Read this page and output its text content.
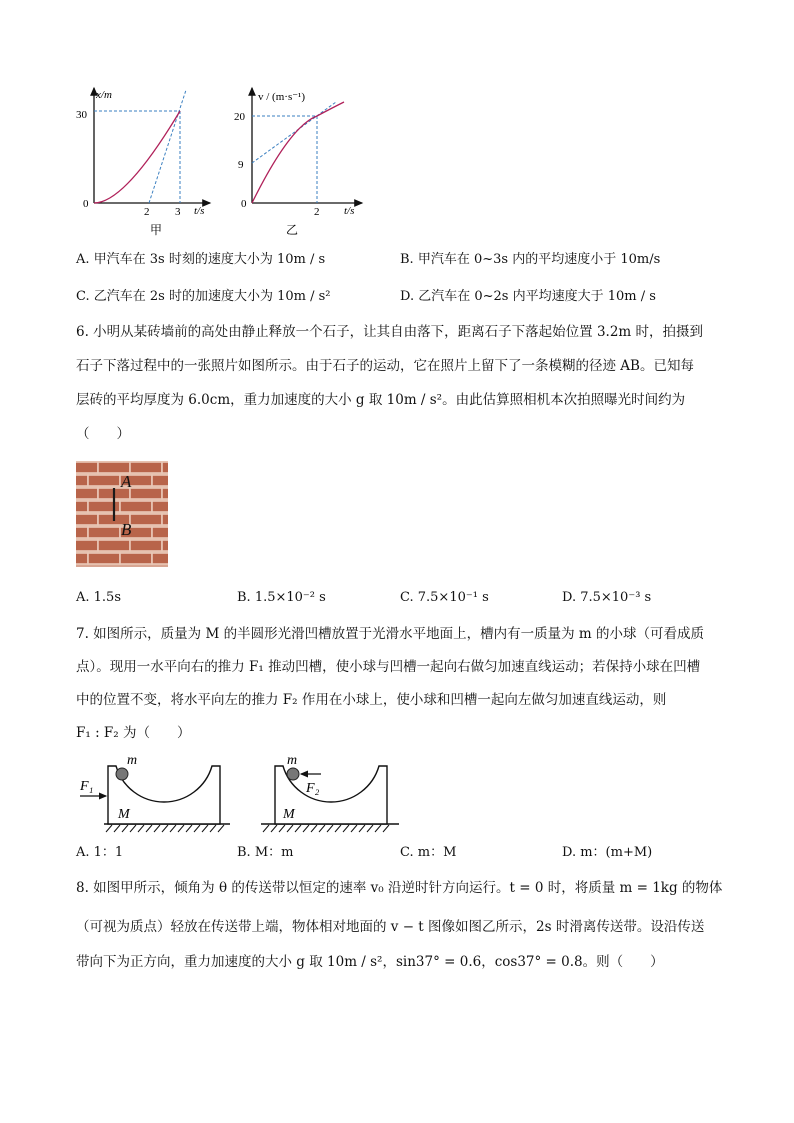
x/m
t/s
30
0
2 3
甲
v / (m·s⁻¹)
t/s
20
9
0
2
乙
A. 甲汽车在 3s 时刻的速度大小为 10m / s	B. 甲汽车在 0~3s 内的平均速度小于 10m/s
C. 乙汽车在 2s 时的加速度大小为 10m / s²	D. 乙汽车在 0~2s 内平均速度大于 10m / s
6. 小明从某砖墙前的高处由静止释放一个石子，让其自由落下，距离石子下落起始位置 3.2m 时，拍摄到
石子下落过程中的一张照片如图所示。由于石子的运动，它在照片上留下了一条模糊的径迹 AB。已知每
层砖的平均厚度为 6.0cm，重力加速度的大小 g 取 10m / s²。由此估算照相机本次拍照曝光时间约为
（　　）
A
B
A. 1.5s	B. 1.5×10⁻² s	C. 7.5×10⁻¹ s	D. 7.5×10⁻³ s
7. 如图所示，质量为 M 的半圆形光滑凹槽放置于光滑水平地面上，槽内有一质量为 m 的小球（可看成质
点）。现用一水平向右的推力 F₁ 推动凹槽，使小球与凹槽一起向右做匀加速直线运动；若保持小球在凹槽
中的位置不变，将水平向左的推力 F₂ 作用在小球上，使小球和凹槽一起向左做匀加速直线运动，则
F₁ : F₂ 为（　　）
m
M
F₁
m
M
F₂
A. 1：1	B. M：m	C. m：M	D. m：(m+M)
8. 如图甲所示，倾角为 θ 的传送带以恒定的速率 v₀ 沿逆时针方向运行。t = 0 时，将质量 m = 1kg 的物体
（可视为质点）轻放在传送带上端，物体相对地面的 v − t 图像如图乙所示，2s 时滑离传送带。设沿传送
带向下为正方向，重力加速度的大小 g 取 10m / s²，sin37° = 0.6，cos37° = 0.8。则（　　）
